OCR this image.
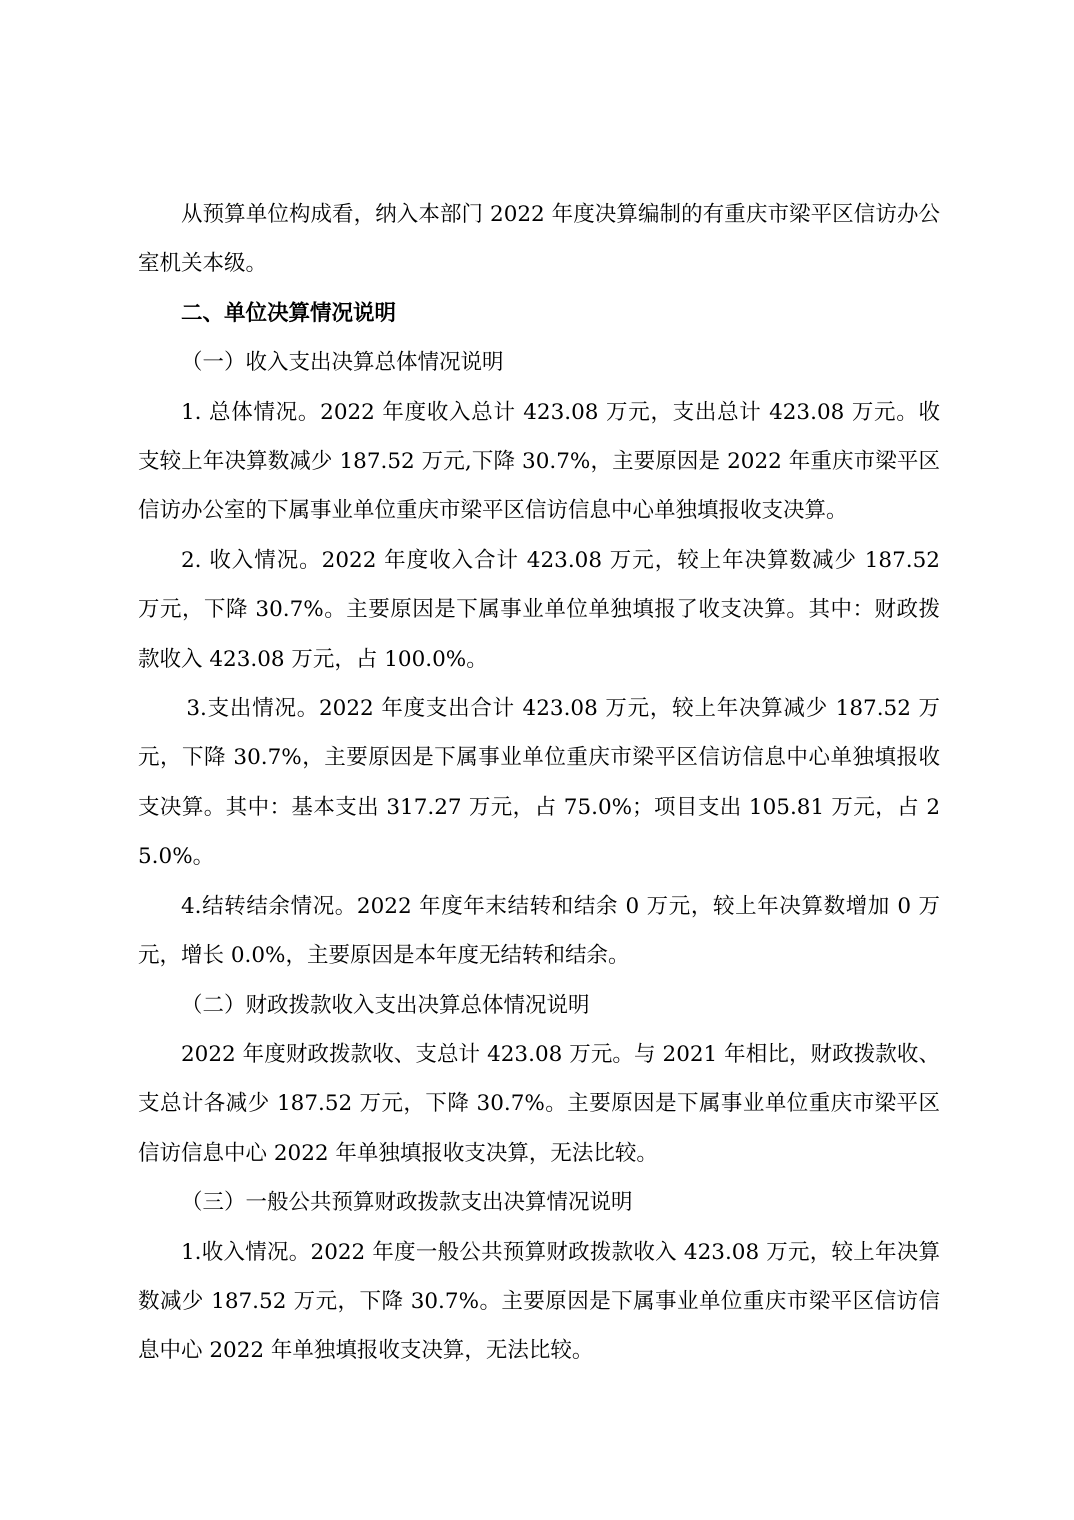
从预算单位构成看，纳入本部门 2022 年度决算编制的有重庆市梁平区信访办公室机关本级。

二、单位决算情况说明

（一）收入支出决算总体情况说明

1. 总体情况。2022 年度收入总计 423.08 万元，支出总计 423.08 万元。收支较上年决算数减少 187.52 万元,下降 30.7%，主要原因是 2022 年重庆市梁平区信访办公室的下属事业单位重庆市梁平区信访信息中心单独填报收支决算。

2. 收入情况。2022 年度收入合计 423.08 万元，较上年决算数减少 187.52 万元，下降 30.7%。主要原因是下属事业单位单独填报了收支决算。其中：财政拨款收入 423.08 万元，占 100.0%。

3.支出情况。2022 年度支出合计 423.08 万元，较上年决算减少 187.52 万元，下降 30.7%，主要原因是下属事业单位重庆市梁平区信访信息中心单独填报收支决算。其中：基本支出 317.27 万元，占 75.0%；项目支出 105.81 万元，占 25.0%。

4.结转结余情况。2022 年度年末结转和结余 0 万元，较上年决算数增加 0 万元，增长 0.0%，主要原因是本年度无结转和结余。

（二）财政拨款收入支出决算总体情况说明

2022 年度财政拨款收、支总计 423.08 万元。与 2021 年相比，财政拨款收、支总计各减少 187.52 万元，下降 30.7%。主要原因是下属事业单位重庆市梁平区信访信息中心 2022 年单独填报收支决算，无法比较。

（三）一般公共预算财政拨款支出决算情况说明

1.收入情况。2022 年度一般公共预算财政拨款收入 423.08 万元，较上年决算数减少 187.52 万元，下降 30.7%。主要原因是下属事业单位重庆市梁平区信访信息中心 2022 年单独填报收支决算，无法比较。
